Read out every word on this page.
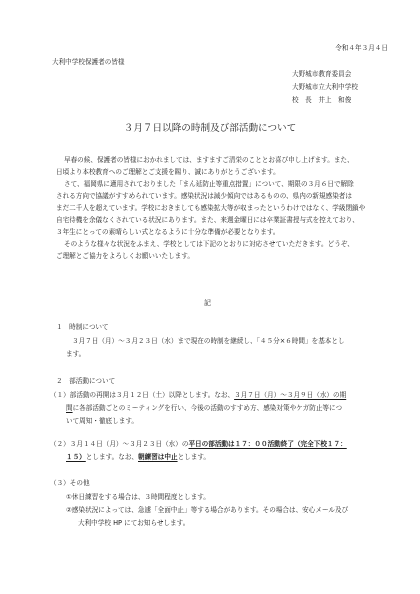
令和４年３月４日
大利中学校保護者の皆様
大野城市教育委員会
大野城市立大利中学校
校　長　井上　和俊
３月７日以降の時制及び部活動について
早春の候、保護者の皆様におかれましては、ますますご清栄のこととお喜び申し上げます。また、
日頃より本校教育へのご理解とご支援を賜り、誠にありがとうございます。
さて、福岡県に適用されておりました「まん延防止等重点措置」について、期限の３月６日で解除
される方向で協議がすすめられています。感染状況は減少傾向ではあるものの、県内の新規感染者は
まだ二千人を超えています。学校におきましても感染拡大等が収まったというわけではなく、学級閉鎖や
自宅待機を余儀なくされている状況にあります。また、来週金曜日には卒業証書授与式を控えており、
３年生にとっての素晴らしい式となるように十分な準備が必要となります。
そのような様々な状況をふまえ、学校としては下記のとおりに対応させていただきます。どうぞ、
ご理解とご協力をよろしくお願いいたします。
記
１　時制について
３月７日（月）～３月２３日（水）まで現在の時制を継続し、「４５分×６時間」を基本とし
ます。
２　部活動について
（１）部活動の再開は３月１２日（土）以降とします。なお、３月７日（月）～３月９日（水）の期
間に各部活動ごとのミーティングを行い、今後の活動のすすめ方、感染対策やケガ防止等につ
いて周知・徹底します。
（２）３月１４日（月）～３月２３日（水）の平日の部活動は１７：００活動終了（完全下校１７：
１５）とします。なお、朝練習は中止とします。
（３）その他
①休日練習をする場合は、３時間程度とします。
②感染状況によっては、急遽「全面中止」等する場合があります。その場合は、安心メール及び
大利中学校 HP にてお知らせします。
